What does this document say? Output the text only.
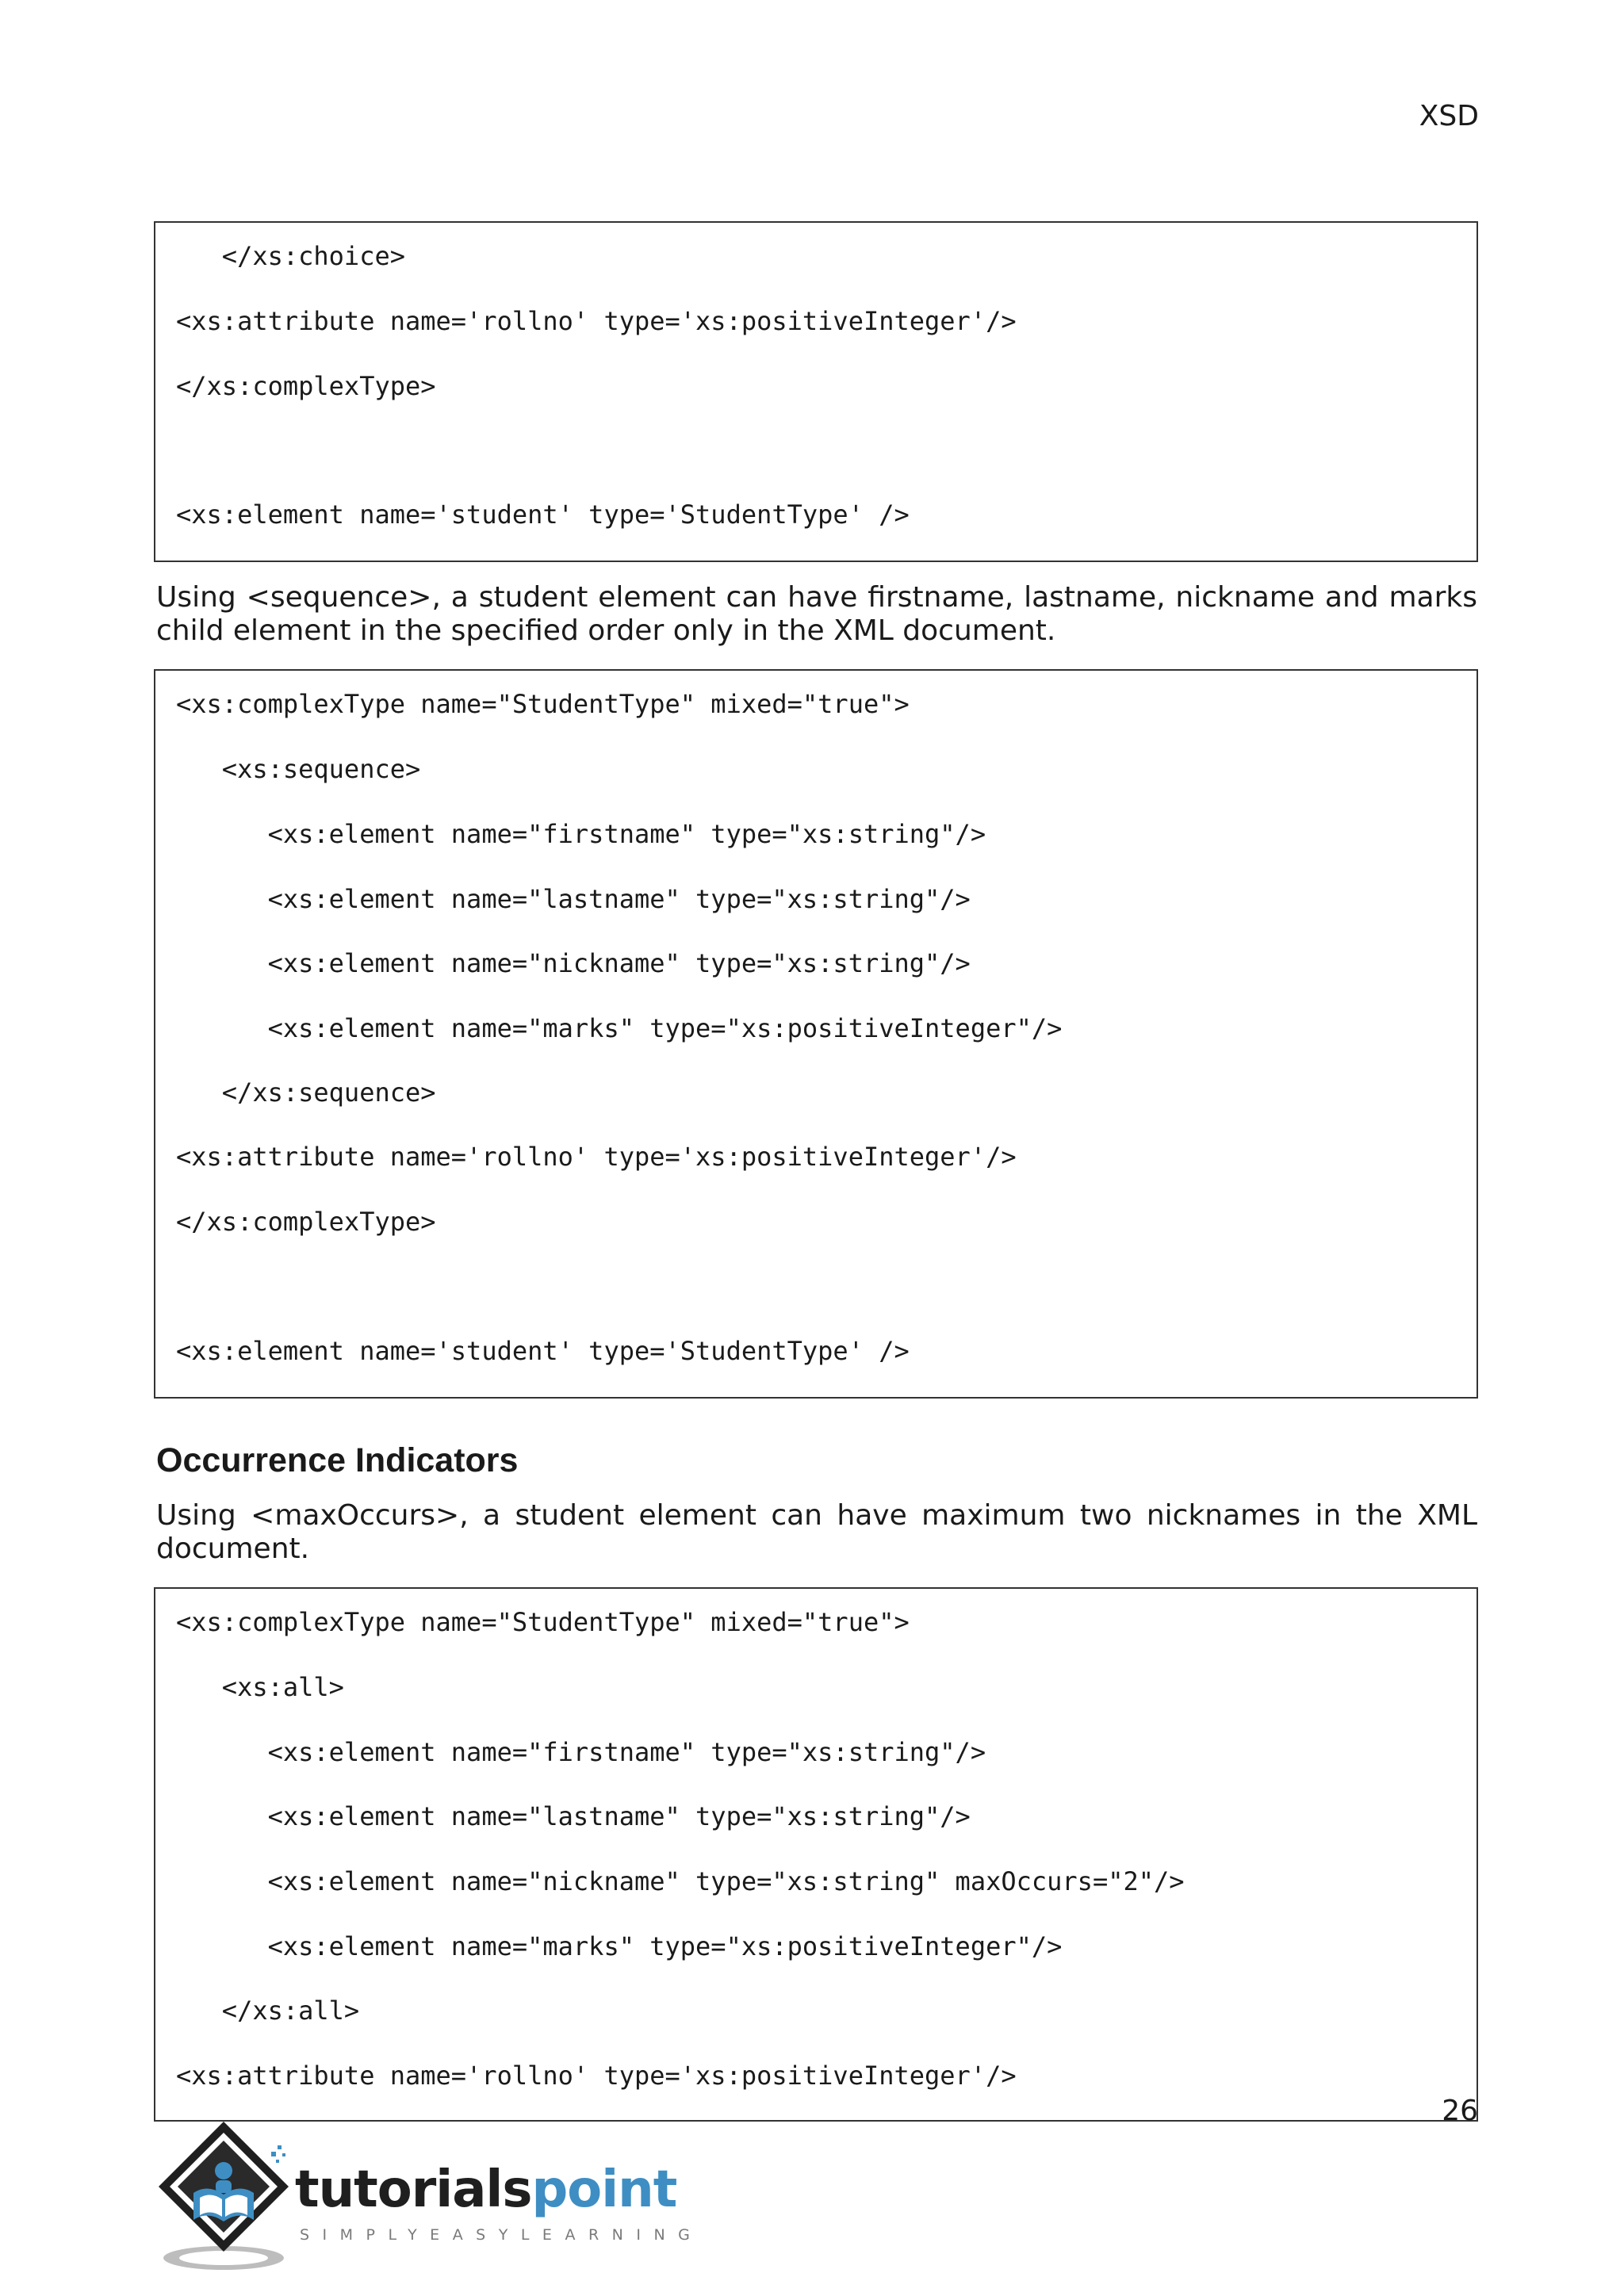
XSD
</xs:choice>
<xs:attribute name='rollno' type='xs:positiveInteger'/>
</xs:complexType>
<xs:element name='student' type='StudentType' />
Using <sequence>, a student element can have firstname, lastname, nickname and marks child element in the specified order only in the XML document.
<xs:complexType name="StudentType" mixed="true">
<xs:sequence>
<xs:element name="firstname" type="xs:string"/>
<xs:element name="lastname" type="xs:string"/>
<xs:element name="nickname" type="xs:string"/>
<xs:element name="marks" type="xs:positiveInteger"/>
</xs:sequence>
<xs:attribute name='rollno' type='xs:positiveInteger'/>
</xs:complexType>
<xs:element name='student' type='StudentType' />
Occurrence Indicators
Using <maxOccurs>, a student element can have maximum two nicknames in the XML document.
<xs:complexType name="StudentType" mixed="true">
<xs:all>
<xs:element name="firstname" type="xs:string"/>
<xs:element name="lastname" type="xs:string"/>
<xs:element name="nickname" type="xs:string" maxOccurs="2"/>
<xs:element name="marks" type="xs:positiveInteger"/>
</xs:all>
<xs:attribute name='rollno' type='xs:positiveInteger'/>
26
tutorialspoint
SIMPLYEASYLEARNING
